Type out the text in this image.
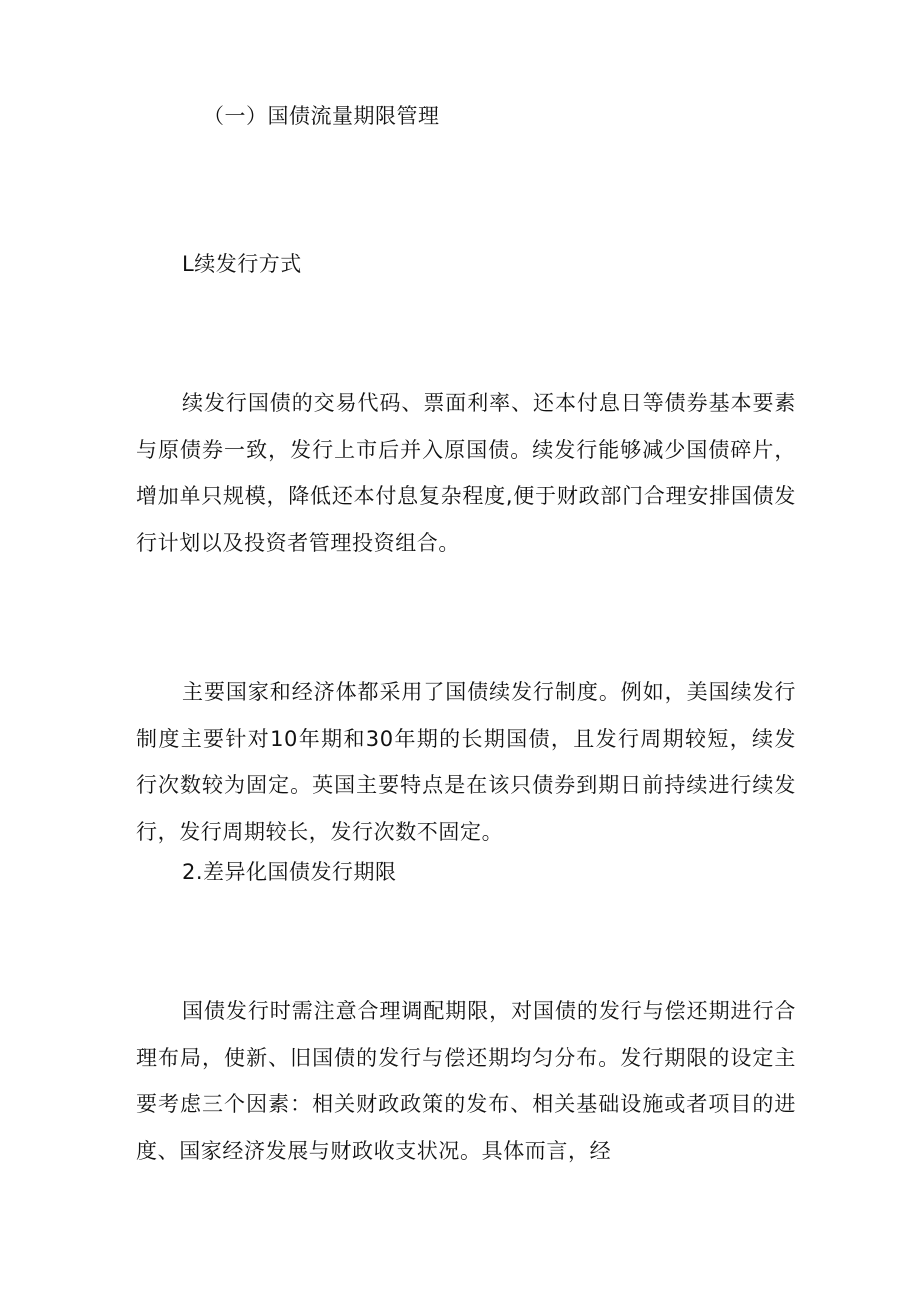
（一）国债流量期限管理
L续发行方式

续发行国债的交易代码、票面利率、还本付息日等债券基本要素与原债券一致，发行上市后并入原国债。续发行能够减少国债碎片，增加单只规模，降低还本付息复杂程度,便于财政部门合理安排国债发行计划以及投资者管理投资组合。

主要国家和经济体都采用了国债续发行制度。例如，美国续发行制度主要针对10年期和30年期的长期国债，且发行周期较短，续发行次数较为固定。英国主要特点是在该只债券到期日前持续进行续发行，发行周期较长，发行次数不固定。

2.差异化国债发行期限

国债发行时需注意合理调配期限，对国债的发行与偿还期进行合理布局，使新、旧国债的发行与偿还期均匀分布。发行期限的设定主要考虑三个因素：相关财政政策的发布、相关基础设施或者项目的进度、国家经济发展与财政收支状况。具体而言，经
